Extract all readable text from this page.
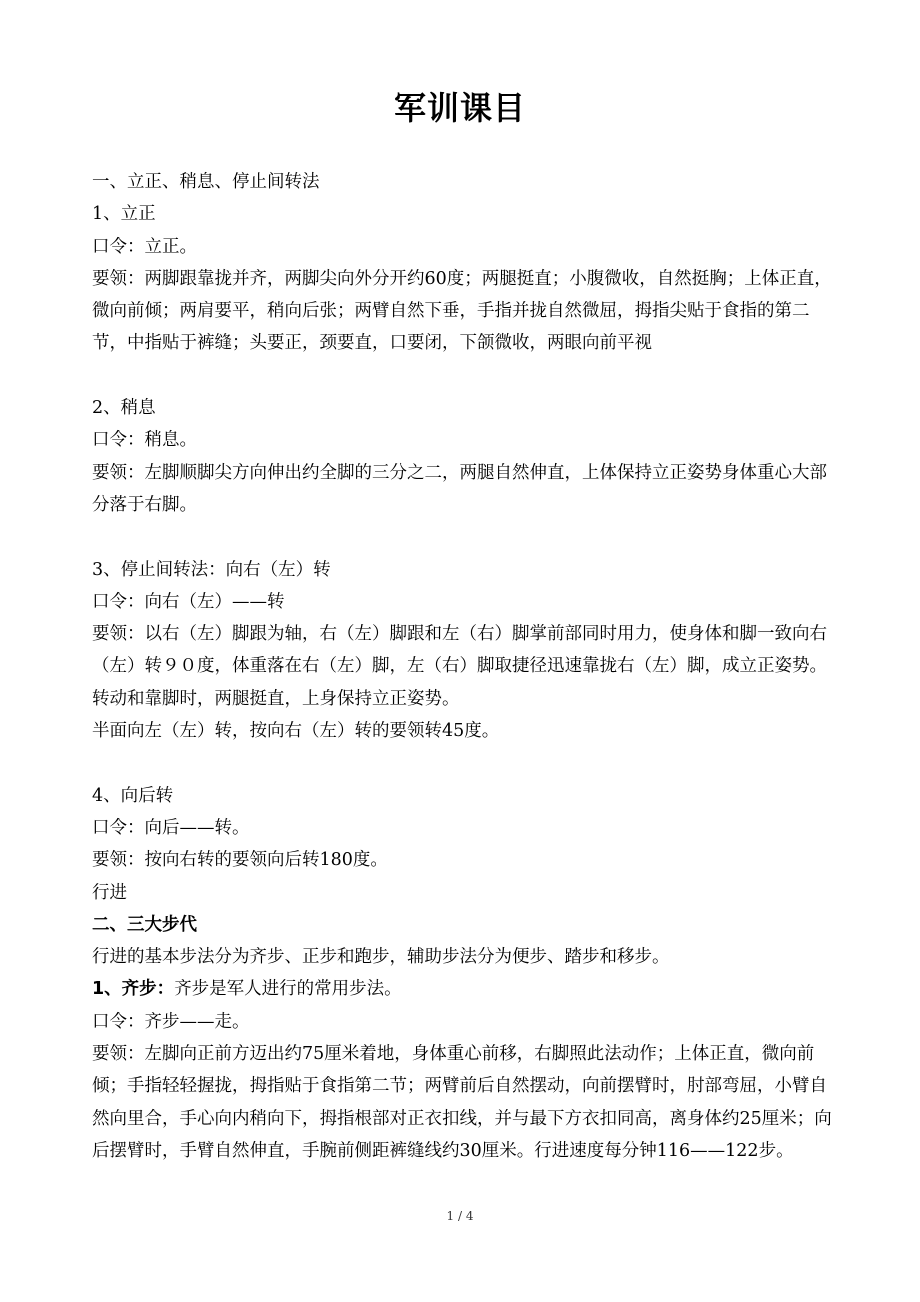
军训课目

一、立正、稍息、停止间转法

1、立正

口令：立正。

要领：两脚跟靠拢并齐，两脚尖向外分开约60度；两腿挺直；小腹微收，自然挺胸；上体正直，微向前倾；两肩要平，稍向后张；两臂自然下垂，手指并拢自然微屈，拇指尖贴于食指的第二节，中指贴于裤缝；头要正，颈要直，口要闭，下颌微收，两眼向前平视

2、稍息

口令：稍息。

要领：左脚顺脚尖方向伸出约全脚的三分之二，两腿自然伸直，上体保持立正姿势身体重心大部分落于右脚。

3、停止间转法：向右（左）转

口令：向右（左）——转

要领：以右（左）脚跟为轴，右（左）脚跟和左（右）脚掌前部同时用力，使身体和脚一致向右（左）转９０度，体重落在右（左）脚，左（右）脚取捷径迅速靠拢右（左）脚，成立正姿势。转动和靠脚时，两腿挺直，上身保持立正姿势。

半面向左（左）转，按向右（左）转的要领转45度。

4、向后转

口令：向后——转。

要领：按向右转的要领向后转180度。

行进

二、三大步代

行进的基本步法分为齐步、正步和跑步，辅助步法分为便步、踏步和移步。

1、齐步：齐步是军人进行的常用步法。

口令：齐步——走。

要领：左脚向正前方迈出约75厘米着地，身体重心前移，右脚照此法动作；上体正直，微向前倾；手指轻轻握拢，拇指贴于食指第二节；两臂前后自然摆动，向前摆臂时，肘部弯屈，小臂自然向里合，手心向内稍向下，拇指根部对正衣扣线，并与最下方衣扣同高，离身体约25厘米；向后摆臂时，手臂自然伸直，手腕前侧距裤缝线约30厘米。行进速度每分钟116——122步。

1 / 4
